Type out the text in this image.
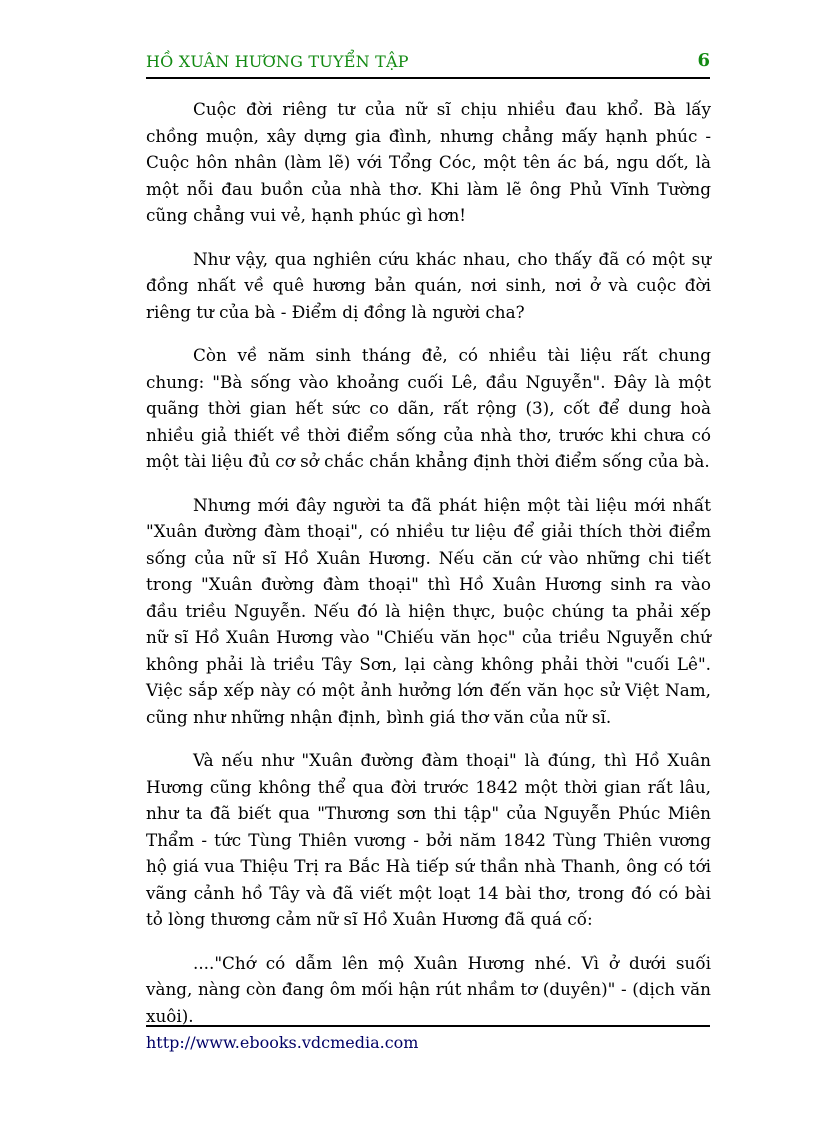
HỒ XUÂN HƯƠNG TUYỂN TẬP	6

Cuộc đời riêng tư của nữ sĩ chịu nhiều đau khổ. Bà lấy chồng muộn, xây dựng gia đình, nhưng chẳng mấy hạnh phúc - Cuộc hôn nhân (làm lẽ) với Tổng Cóc, một tên ác bá, ngu dốt, là một nỗi đau buồn của nhà thơ. Khi làm lẽ ông Phủ Vĩnh Tường cũng chẳng vui vẻ, hạnh phúc gì hơn!

Như vậy, qua nghiên cứu khác nhau, cho thấy đã có một sự đồng nhất về quê hương bản quán, nơi sinh, nơi ở và cuộc đời riêng tư của bà - Điểm dị đồng là người cha?

Còn về năm sinh tháng đẻ, có nhiều tài liệu rất chung chung: "Bà sống vào khoảng cuối Lê, đầu Nguyễn". Đây là một quãng thời gian hết sức co dãn, rất rộng (3), cốt để dung hoà nhiều giả thiết về thời điểm sống của nhà thơ, trước khi chưa có một tài liệu đủ cơ sở chắc chắn khẳng định thời điểm sống của bà.

Nhưng mới đây người ta đã phát hiện một tài liệu mới nhất "Xuân đường đàm thoại", có nhiều tư liệu để giải thích thời điểm sống của nữ sĩ Hồ Xuân Hương. Nếu căn cứ vào những chi tiết trong "Xuân đường đàm thoại" thì Hồ Xuân Hương sinh ra vào đầu triều Nguyễn. Nếu đó là hiện thực, buộc chúng ta phải xếp nữ sĩ Hồ Xuân Hương vào "Chiếu văn học" của triều Nguyễn chứ không phải là triều Tây Sơn, lại càng không phải thời "cuối Lê". Việc sắp xếp này có một ảnh hưởng lớn đến văn học sử Việt Nam, cũng như những nhận định, bình giá thơ văn của nữ sĩ.

Và nếu như "Xuân đường đàm thoại" là đúng, thì Hồ Xuân Hương cũng không thể qua đời trước 1842 một thời gian rất lâu, như ta đã biết qua "Thương sơn thi tập" của Nguyễn Phúc Miên Thẩm - tức Tùng Thiên vương - bởi năm 1842 Tùng Thiên vương hộ giá vua Thiệu Trị ra Bắc Hà tiếp sứ thần nhà Thanh, ông có tới vãng cảnh hồ Tây và đã viết một loạt 14 bài thơ, trong đó có bài tỏ lòng thương cảm nữ sĩ Hồ Xuân Hương đã quá cố:

...."Chớ có dẫm lên mộ Xuân Hương nhé. Vì ở dưới suối vàng, nàng còn đang ôm mối hận rút nhầm tơ (duyên)" - (dịch văn xuôi).

http://www.ebooks.vdcmedia.com
